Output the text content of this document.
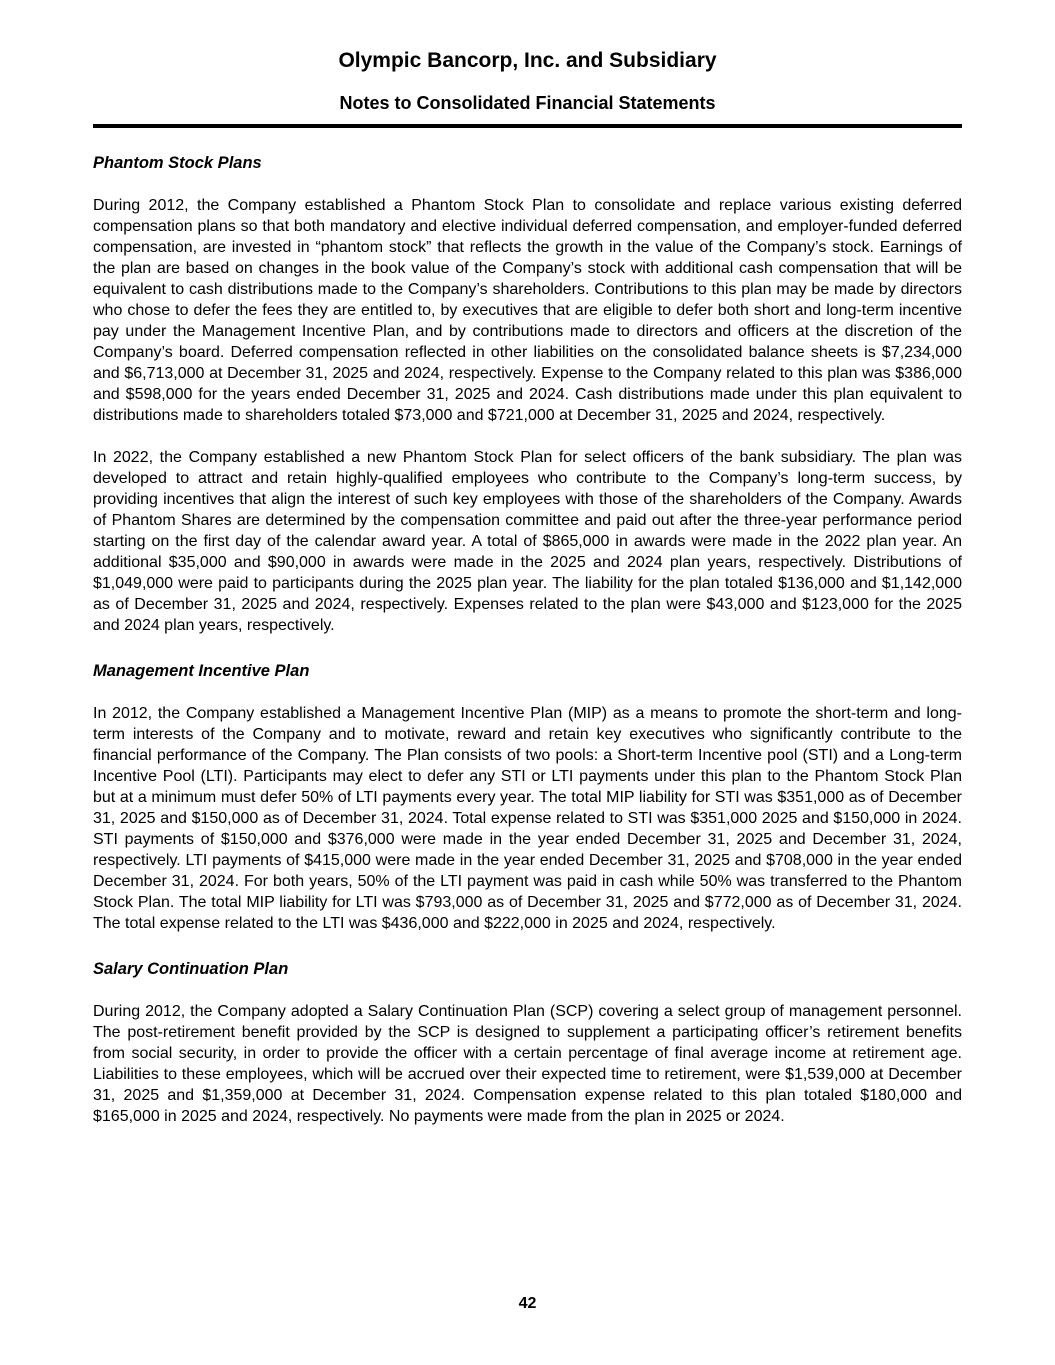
Olympic Bancorp, Inc. and Subsidiary
Notes to Consolidated Financial Statements
Phantom Stock Plans

During 2012, the Company established a Phantom Stock Plan to consolidate and replace various existing deferred compensation plans so that both mandatory and elective individual deferred compensation, and employer-funded deferred compensation, are invested in “phantom stock” that reflects the growth in the value of the Company’s stock. Earnings of the plan are based on changes in the book value of the Company’s stock with additional cash compensation that will be equivalent to cash distributions made to the Company’s shareholders. Contributions to this plan may be made by directors who chose to defer the fees they are entitled to, by executives that are eligible to defer both short and long-term incentive pay under the Management Incentive Plan, and by contributions made to directors and officers at the discretion of the Company’s board. Deferred compensation reflected in other liabilities on the consolidated balance sheets is $7,234,000 and $6,713,000 at December 31, 2025 and 2024, respectively. Expense to the Company related to this plan was $386,000 and $598,000 for the years ended December 31, 2025 and 2024. Cash distributions made under this plan equivalent to distributions made to shareholders totaled $73,000 and $721,000 at December 31, 2025 and 2024, respectively.

In 2022, the Company established a new Phantom Stock Plan for select officers of the bank subsidiary. The plan was developed to attract and retain highly-qualified employees who contribute to the Company’s long-term success, by providing incentives that align the interest of such key employees with those of the shareholders of the Company. Awards of Phantom Shares are determined by the compensation committee and paid out after the three-year performance period starting on the first day of the calendar award year. A total of $865,000 in awards were made in the 2022 plan year. An additional $35,000 and $90,000 in awards were made in the 2025 and 2024 plan years, respectively. Distributions of $1,049,000 were paid to participants during the 2025 plan year. The liability for the plan totaled $136,000 and $1,142,000 as of December 31, 2025 and 2024, respectively. Expenses related to the plan were $43,000 and $123,000 for the 2025 and 2024 plan years, respectively.

Management Incentive Plan

In 2012, the Company established a Management Incentive Plan (MIP) as a means to promote the short-term and long-term interests of the Company and to motivate, reward and retain key executives who significantly contribute to the financial performance of the Company. The Plan consists of two pools: a Short-term Incentive pool (STI) and a Long-term Incentive Pool (LTI). Participants may elect to defer any STI or LTI payments under this plan to the Phantom Stock Plan but at a minimum must defer 50% of LTI payments every year. The total MIP liability for STI was $351,000 as of December 31, 2025 and $150,000 as of December 31, 2024. Total expense related to STI was $351,000 2025 and $150,000 in 2024. STI payments of $150,000 and $376,000 were made in the year ended December 31, 2025 and December 31, 2024, respectively. LTI payments of $415,000 were made in the year ended December 31, 2025 and $708,000 in the year ended December 31, 2024. For both years, 50% of the LTI payment was paid in cash while 50% was transferred to the Phantom Stock Plan. The total MIP liability for LTI was $793,000 as of December 31, 2025 and $772,000 as of December 31, 2024. The total expense related to the LTI was $436,000 and $222,000 in 2025 and 2024, respectively.

Salary Continuation Plan

During 2012, the Company adopted a Salary Continuation Plan (SCP) covering a select group of management personnel. The post-retirement benefit provided by the SCP is designed to supplement a participating officer’s retirement benefits from social security, in order to provide the officer with a certain percentage of final average income at retirement age. Liabilities to these employees, which will be accrued over their expected time to retirement, were $1,539,000 at December 31, 2025 and $1,359,000 at December 31, 2024. Compensation expense related to this plan totaled $180,000 and $165,000 in 2025 and 2024, respectively. No payments were made from the plan in 2025 or 2024.

42
